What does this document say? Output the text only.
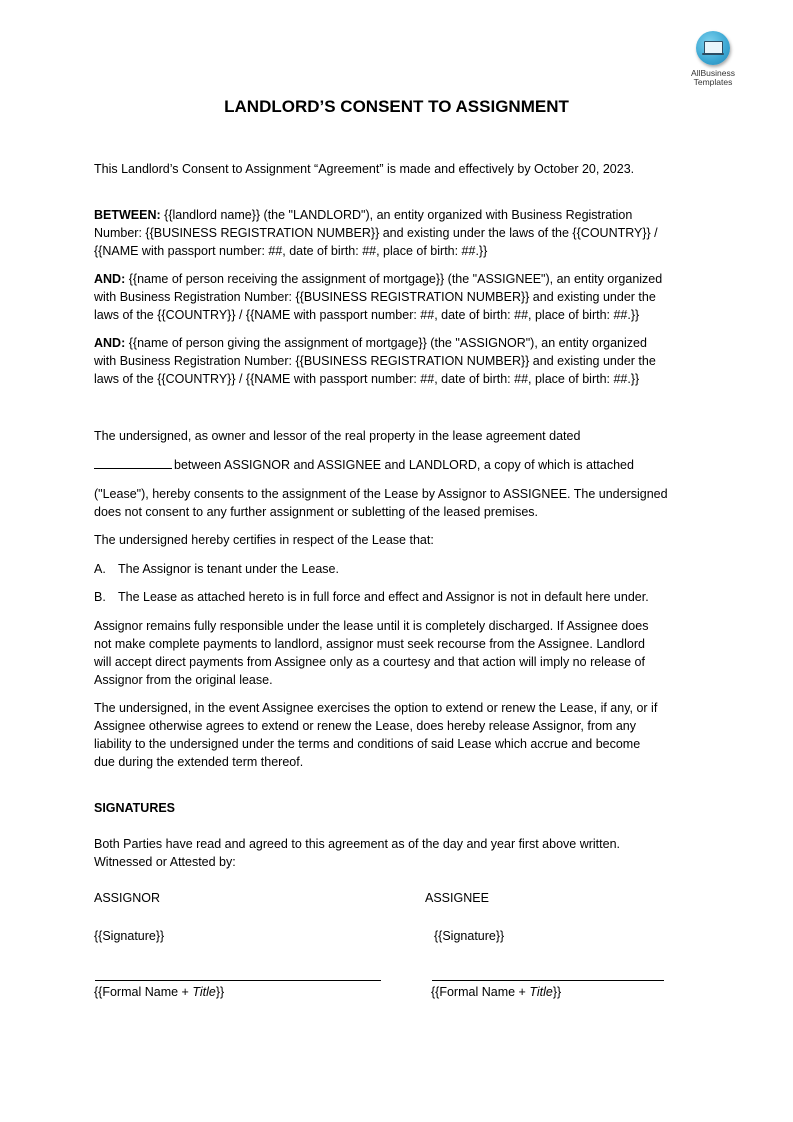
AllBusiness
Templates
LANDLORD’S CONSENT TO ASSIGNMENT
This Landlord’s Consent to Assignment “Agreement” is made and effectively by October 20, 2023.
BETWEEN: {{landlord name}} (the "LANDLORD"), an entity organized with Business Registration
Number: {{BUSINESS REGISTRATION NUMBER}} and existing under the laws of the {{COUNTRY}} /
{{NAME with passport number: ##, date of birth: ##, place of birth: ##.}}
AND: {{name of person receiving the assignment of mortgage}} (the "ASSIGNEE"), an entity organized
with Business Registration Number: {{BUSINESS REGISTRATION NUMBER}} and existing under the
laws of the {{COUNTRY}} / {{NAME with passport number: ##, date of birth: ##, place of birth: ##.}}
AND: {{name of person giving the assignment of mortgage}} (the "ASSIGNOR"), an entity organized
with Business Registration Number: {{BUSINESS REGISTRATION NUMBER}} and existing under the
laws of the {{COUNTRY}} / {{NAME with passport number: ##, date of birth: ##, place of birth: ##.}}
The undersigned, as owner and lessor of the real property in the lease agreement dated
between ASSIGNOR and ASSIGNEE and LANDLORD, a copy of which is attached
("Lease"), hereby consents to the assignment of the Lease by Assignor to ASSIGNEE. The undersigned
does not consent to any further assignment or subletting of the leased premises.
The undersigned hereby certifies in respect of the Lease that:
A. The Assignor is tenant under the Lease.
B. The Lease as attached hereto is in full force and effect and Assignor is not in default here under.
Assignor remains fully responsible under the lease until it is completely discharged. If Assignee does
not make complete payments to landlord, assignor must seek recourse from the Assignee. Landlord
will accept direct payments from Assignee only as a courtesy and that action will imply no release of
Assignor from the original lease.
The undersigned, in the event Assignee exercises the option to extend or renew the Lease, if any, or if
Assignee otherwise agrees to extend or renew the Lease, does hereby release Assignor, from any
liability to the undersigned under the terms and conditions of said Lease which accrue and become
due during the extended term thereof.
SIGNATURES
Both Parties have read and agreed to this agreement as of the day and year first above written.
Witnessed or Attested by:
ASSIGNOR
{{Signature}}
{{Formal Name + Title}}
ASSIGNEE
{{Signature}}
{{Formal Name + Title}}
